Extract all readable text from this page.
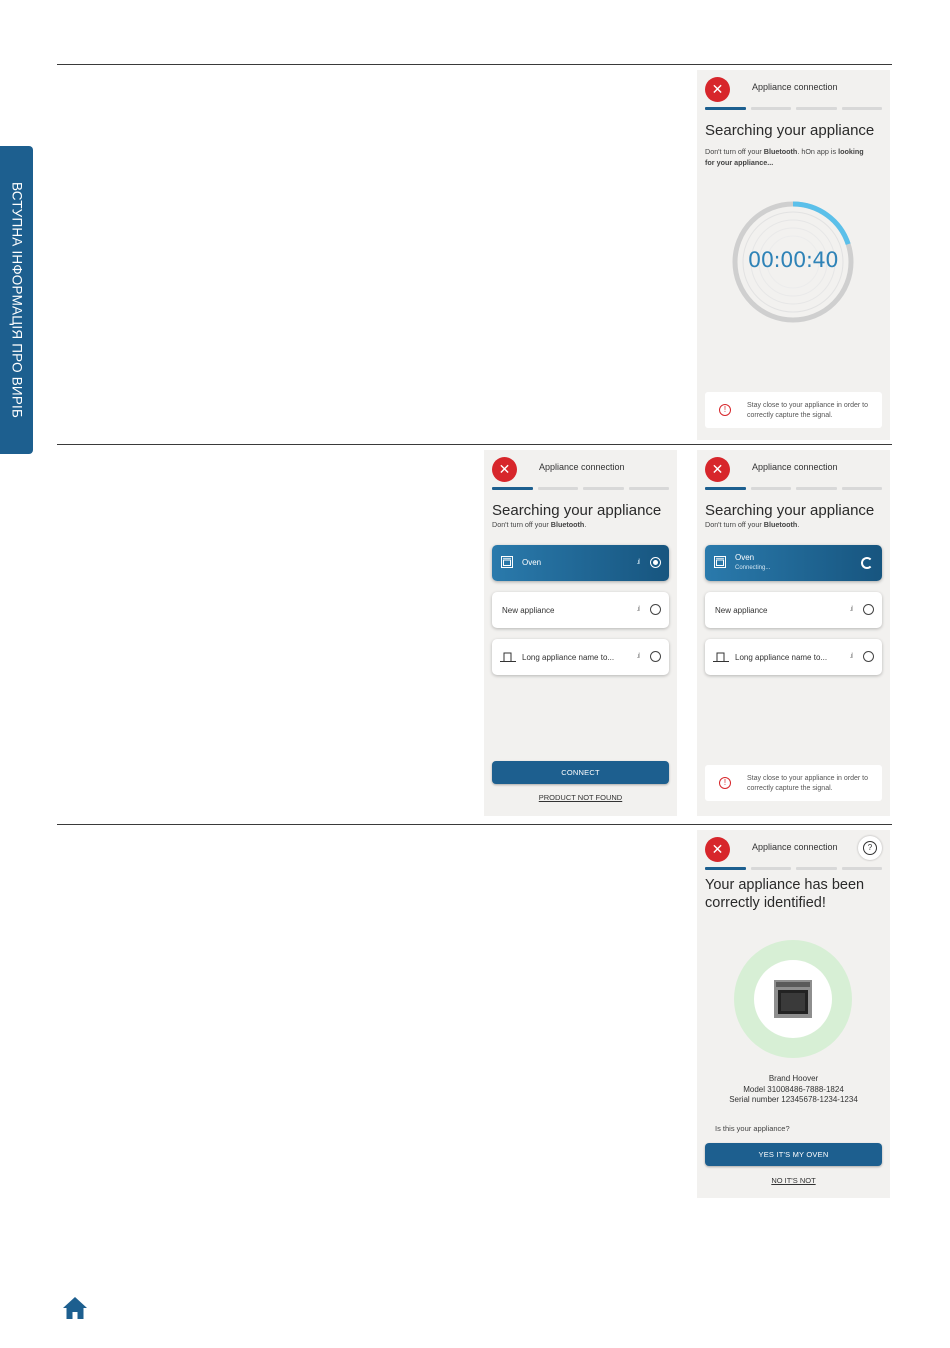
ВСТУПНА ІНФОРМАЦІЯ ПРО ВИРІБ
✕	Appliance connection
Searching your appliance
Don't turn off your Bluetooth. hOn app is looking
for your appliance...
00:00:40
!	Stay close to your appliance in order to
correctly capture the signal.
✕	Appliance connection
Searching your appliance
Don't turn off your Bluetooth.
Oven	.ıl
New appliance	.ıl
Long appliance name to...	.ıl
CONNECT
PRODUCT NOT FOUND
✕	Appliance connection
Searching your appliance
Don't turn off your Bluetooth.
Oven
Connecting...
New appliance	.ıl
Long appliance name to...	.ıl
!	Stay close to your appliance in order to
correctly capture the signal.
✕	Appliance connection	?
Your appliance has been
correctly identified!
Brand Hoover
Model 31008486-7888-1824
Serial number 12345678-1234-1234
Is this your appliance?
YES IT'S MY OVEN
NO IT'S NOT
